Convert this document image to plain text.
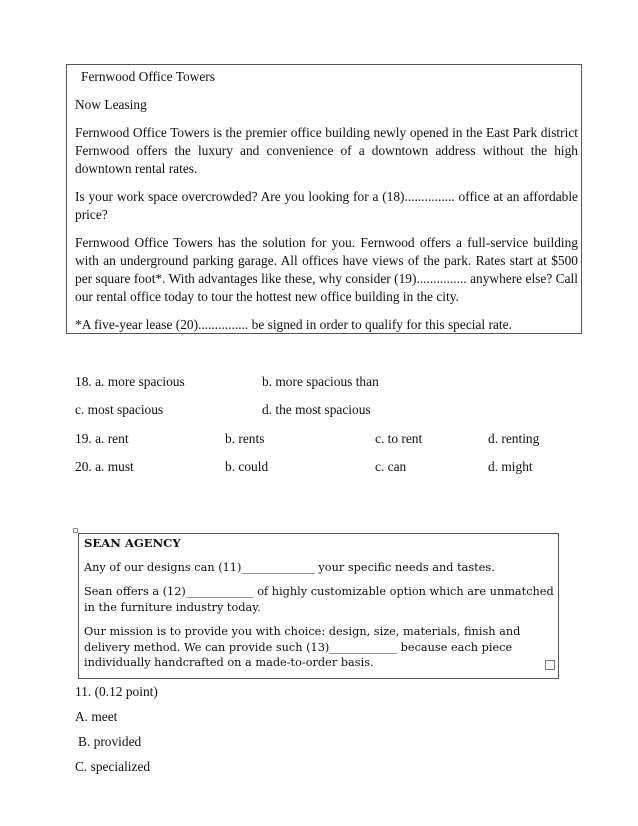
Fernwood Office Towers

Now Leasing

Fernwood Office Towers is the premier office building newly opened in the East Park district Fernwood offers the luxury and convenience of a downtown address without the high downtown rental rates.

Is your work space overcrowded? Are you looking for a (18)............... office at an affordable price?

Fernwood Office Towers has the solution for you. Fernwood offers a full-service building with an underground parking garage. All offices have views of the park. Rates start at $500 per square foot*. With advantages like these, why consider (19)............... anywhere else? Call our rental office today to tour the hottest new office building in the city.

*A five-year lease (20)............... be signed in order to qualify for this special rate.

18. a. more spacious	b. more spacious than
c. most spacious	d. the most spacious
19. a. rent	b. rents	c. to rent	d. renting
20. a. must	b. could	c. can	d. might

SEAN AGENCY

Any of our designs can (11)_____________ your specific needs and tastes.

Sean offers a (12)____________ of highly customizable option which are unmatched in the furniture industry today.

Our mission is to provide you with choice: design, size, materials, finish and delivery method. We can provide such (13)____________ because each piece individually handcrafted on a made-to-order basis.

11. (0.12 point)
A. meet
B. provided
C. specialized
